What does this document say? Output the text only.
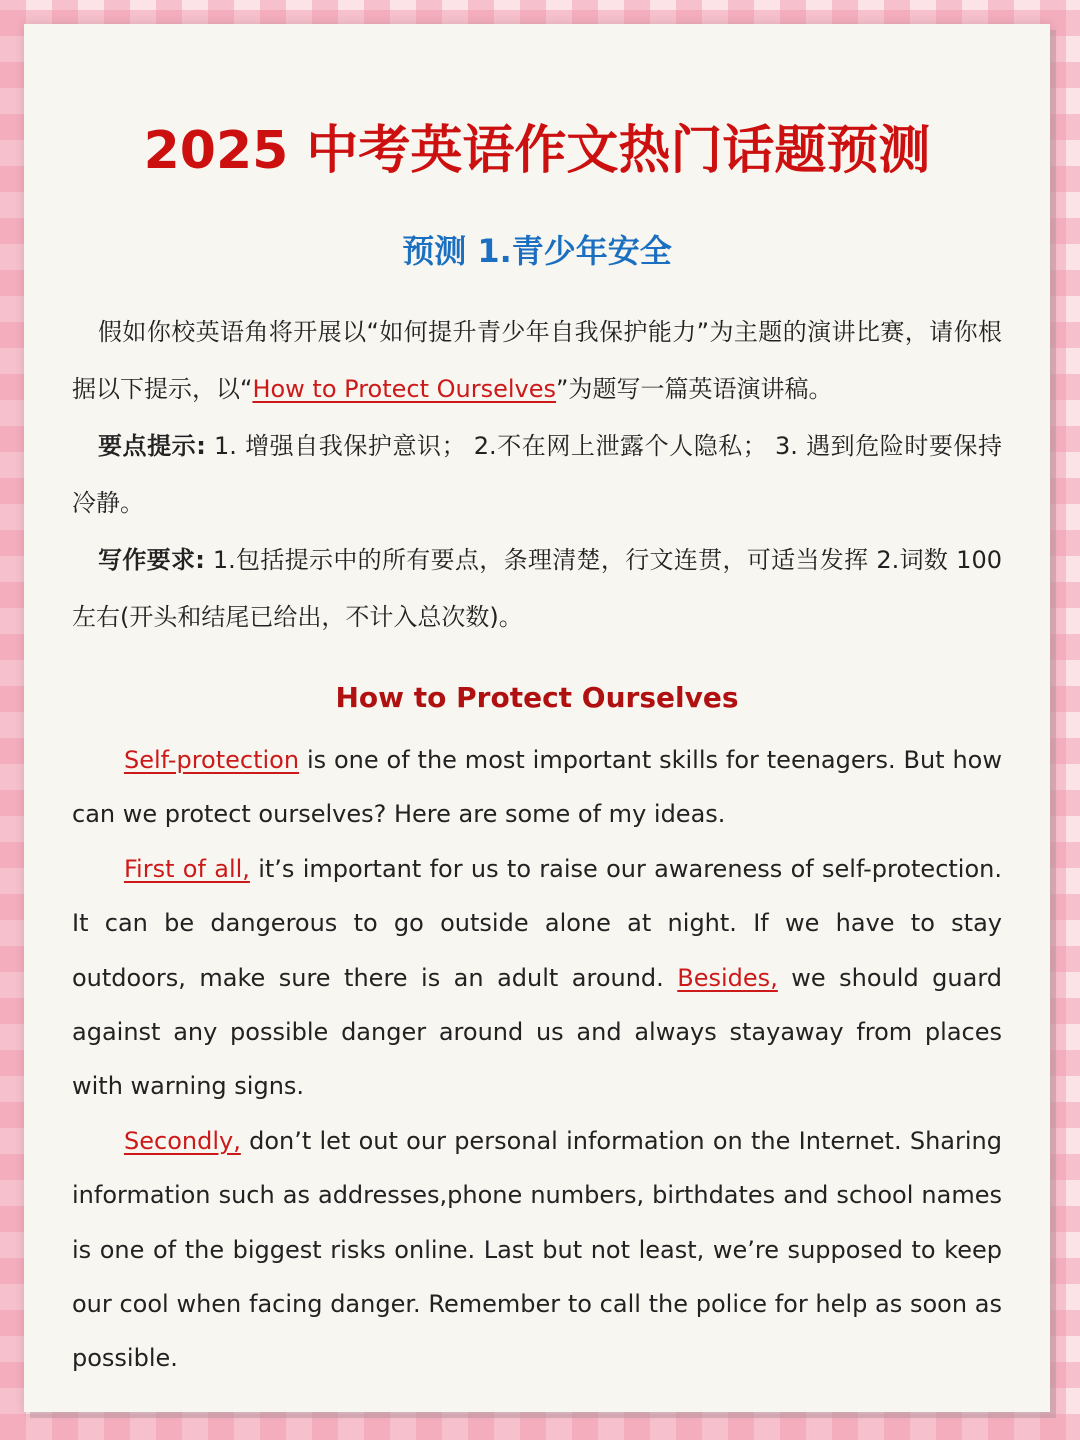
2025 中考英语作文热门话题预测
预测 1.青少年安全

假如你校英语角将开展以“如何提升青少年自我保护能力”为主题的演讲比赛，请你根据以下提示，以“How to Protect Ourselves”为题写一篇英语演讲稿。

要点提示: 1. 增强自我保护意识； 2.不在网上泄露个人隐私； 3. 遇到危险时要保持冷静。

写作要求: 1.包括提示中的所有要点，条理清楚，行文连贯，可适当发挥 2.词数 100 左右(开头和结尾已给出，不计入总次数)。

How to Protect Ourselves

Self-protection is one of the most important skills for teenagers. But how can we protect ourselves? Here are some of my ideas.

First of all, it’s important for us to raise our awareness of self-protection. It can be dangerous to go outside alone at night. If we have to stay outdoors, make sure there is an adult around. Besides, we should guard against any possible danger around us and always stayaway from places with warning signs.

Secondly, don’t let out our personal information on the Internet. Sharing information such as addresses,phone numbers, birthdates and school names is one of the biggest risks online. Last but not least, we’re supposed to keep our cool when facing danger. Remember to call the police for help as soon as possible.
